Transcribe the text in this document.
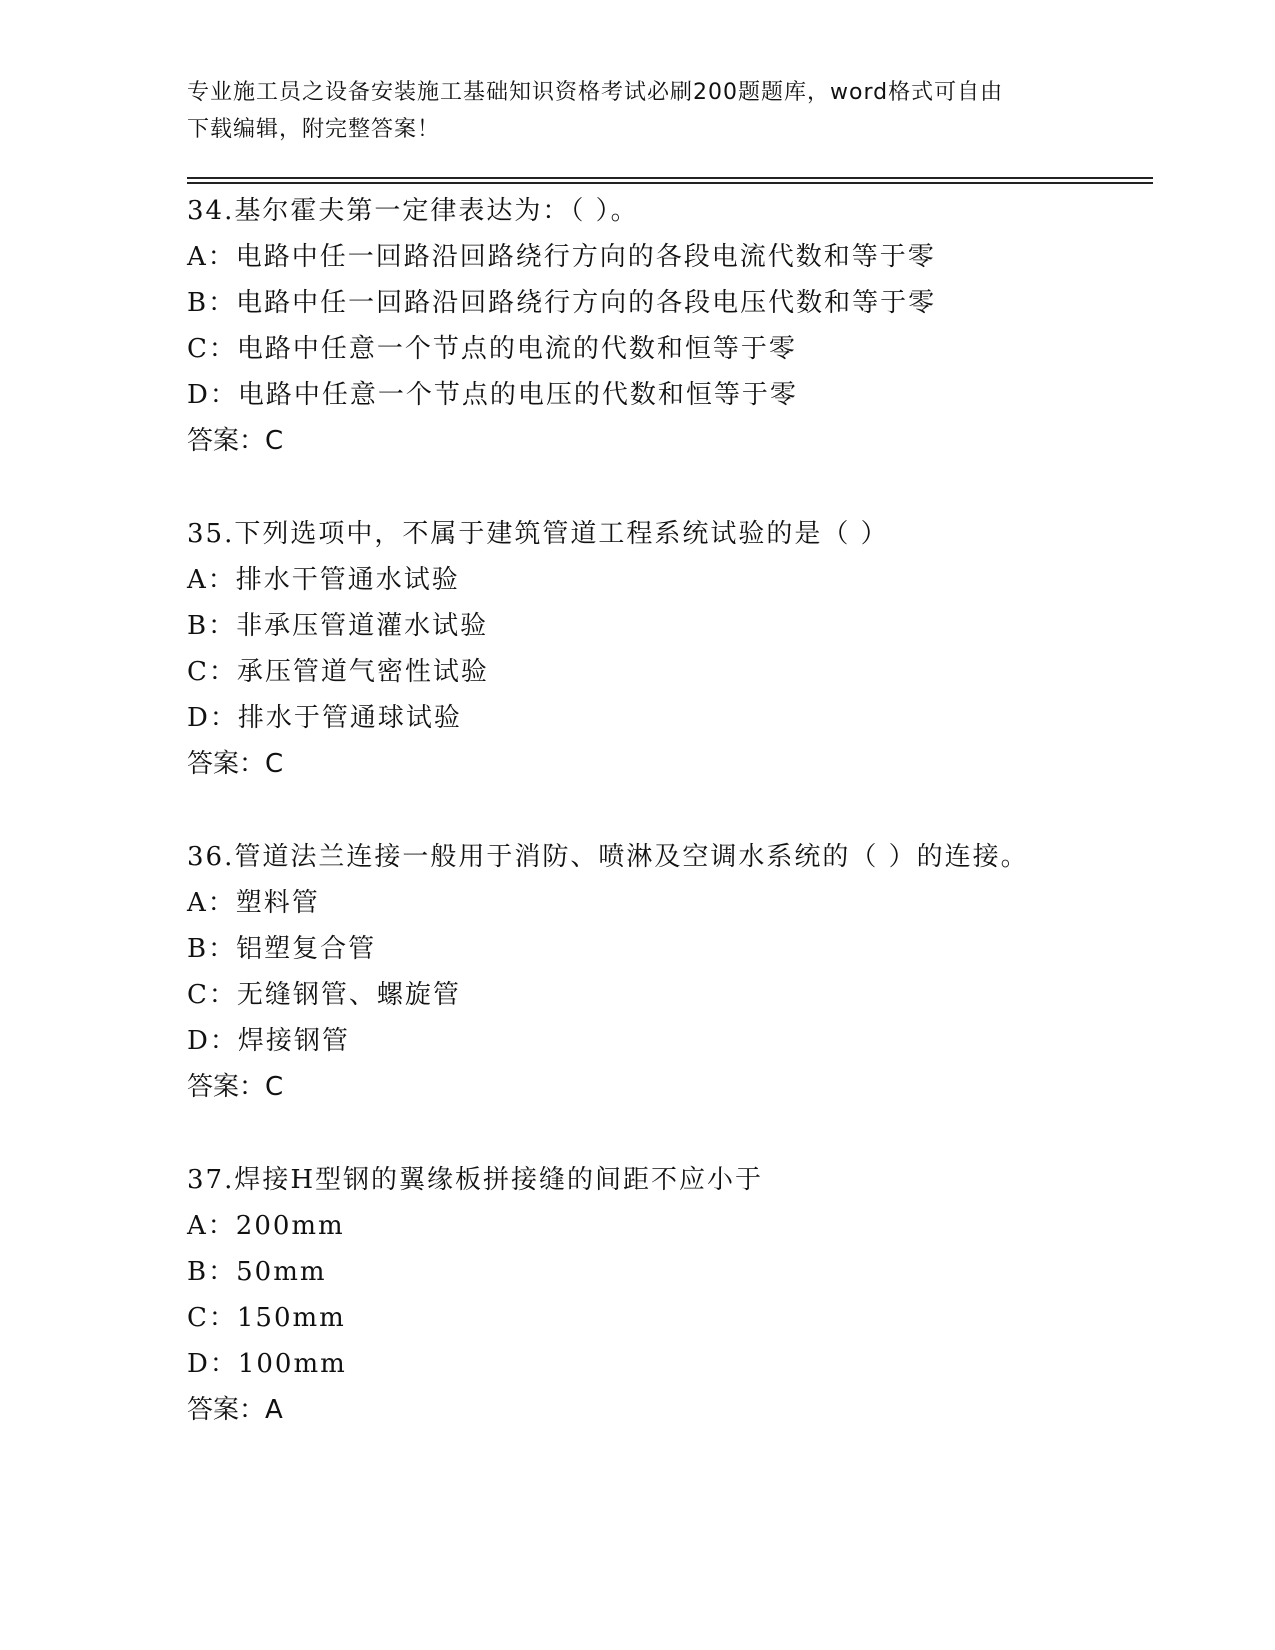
专业施工员之设备安装施工基础知识资格考试必刷200题题库，word格式可自由
下载编辑，附完整答案！
34.基尔霍夫第一定律表达为：（ ）。
A：电路中任一回路沿回路绕行方向的各段电流代数和等于零
B：电路中任一回路沿回路绕行方向的各段电压代数和等于零
C：电路中任意一个节点的电流的代数和恒等于零
D：电路中任意一个节点的电压的代数和恒等于零
答案：C
35.下列选项中，不属于建筑管道工程系统试验的是（ ）
A：排水干管通水试验
B：非承压管道灌水试验
C：承压管道气密性试验
D：排水于管通球试验
答案：C
36.管道法兰连接一般用于消防、喷淋及空调水系统的（ ）的连接。
A：塑料管
B：铝塑复合管
C：无缝钢管、螺旋管
D：焊接钢管
答案：C
37.焊接H型钢的翼缘板拼接缝的间距不应小于
A：200mm
B：50mm
C：150mm
D：100mm
答案：A
